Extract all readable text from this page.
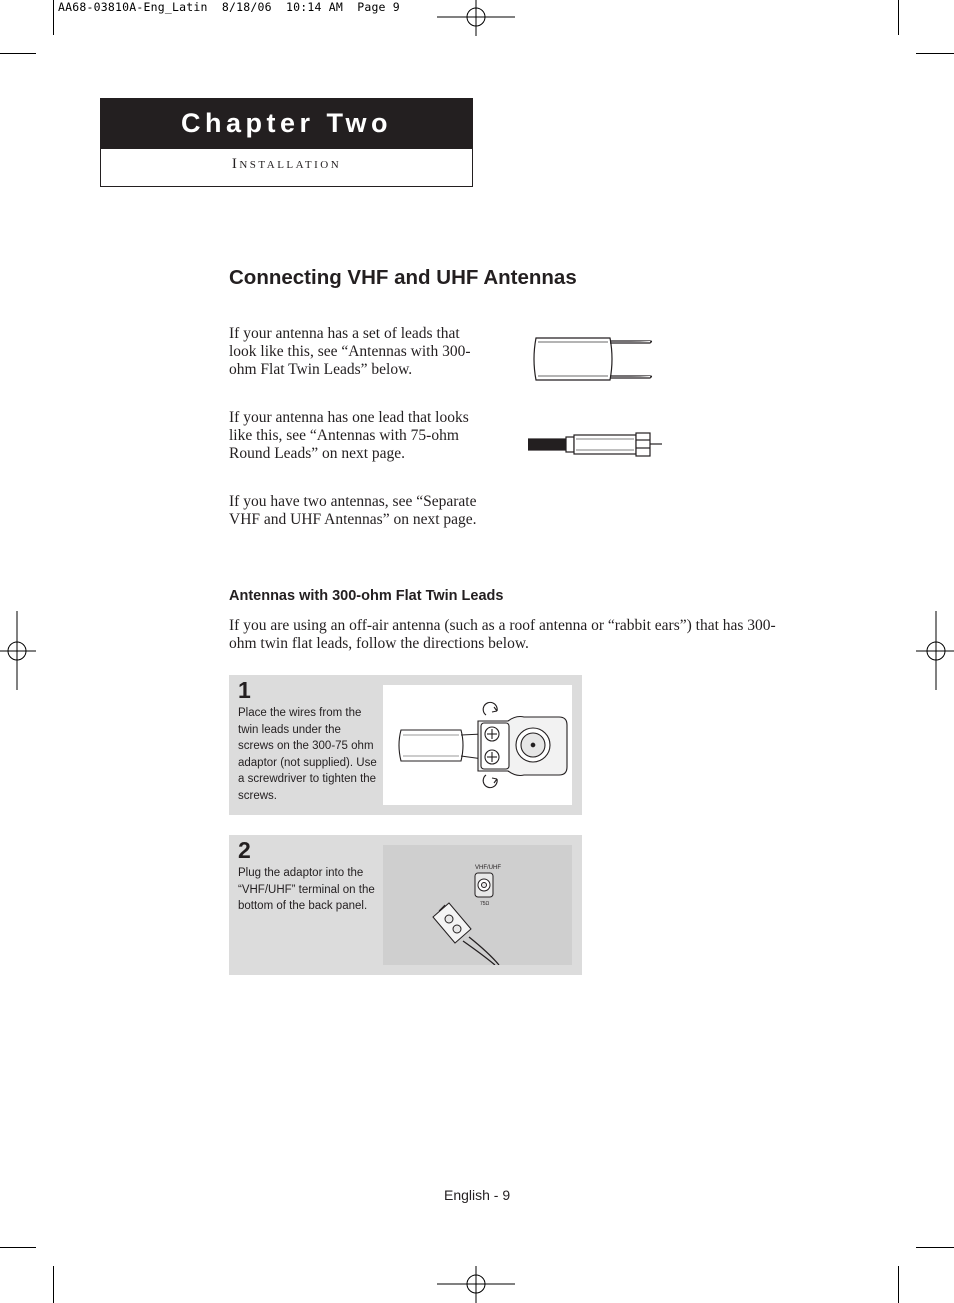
AA68-03810A-Eng_Latin  8/18/06  10:14 AM  Page 9
Chapter Two
Installation
Connecting VHF and UHF Antennas
If your antenna has a set of leads that look like this, see “Antennas with 300-ohm Flat Twin Leads” below.
If your antenna has one lead that looks like this, see “Antennas with 75-ohm Round Leads” on next page.
If you have two antennas, see “Separate VHF and UHF Antennas” on next page.
Antennas with 300-ohm Flat Twin Leads
If you are using an off-air antenna (such as a roof antenna or “rabbit ears”) that has 300-ohm twin flat leads, follow the directions below.
1
Place the wires from the twin leads under the screws on the 300-75 ohm adaptor (not supplied). Use a screwdriver to tighten the screws.
2
Plug the adaptor into the “VHF/UHF” terminal on the bottom of the back panel.
VHF/UHF
75Ω
English - 9
